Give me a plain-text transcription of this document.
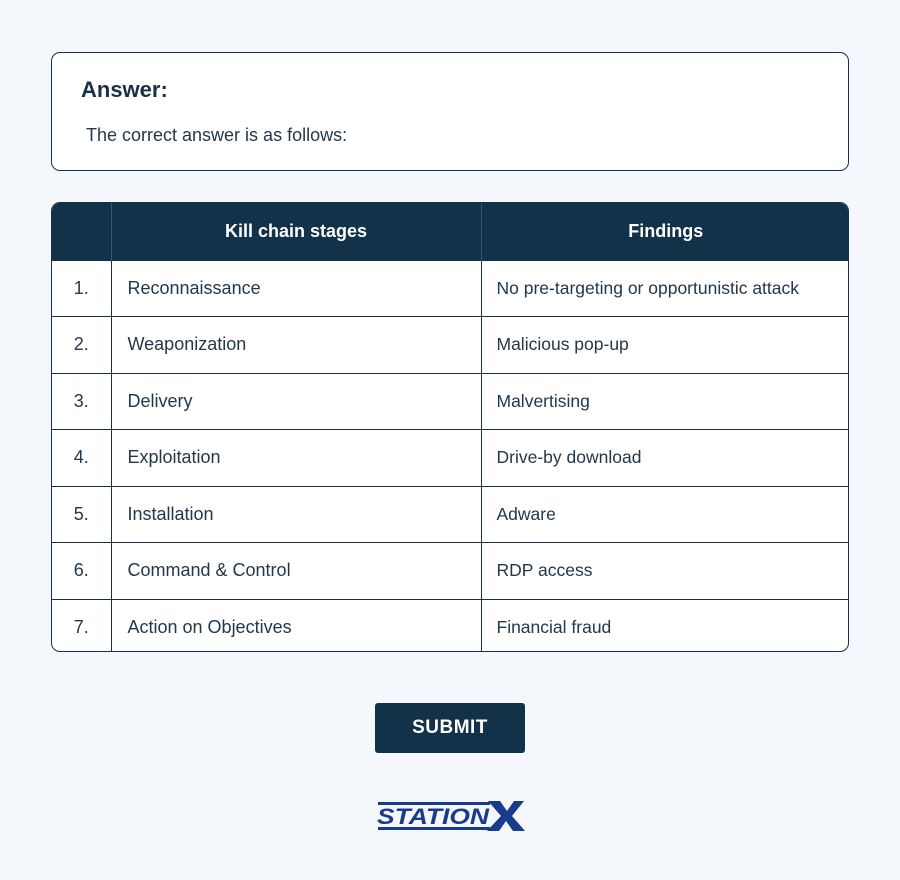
Answer:
The correct answer is as follows:
	Kill chain stages	Findings
1.	Reconnaissance	No pre-targeting or opportunistic attack
2.	Weaponization	Malicious pop-up
3.	Delivery	Malvertising
4.	Exploitation	Drive-by download
5.	Installation	Adware
6.	Command & Control	RDP access
7.	Action on Objectives	Financial fraud
SUBMIT
STATION
